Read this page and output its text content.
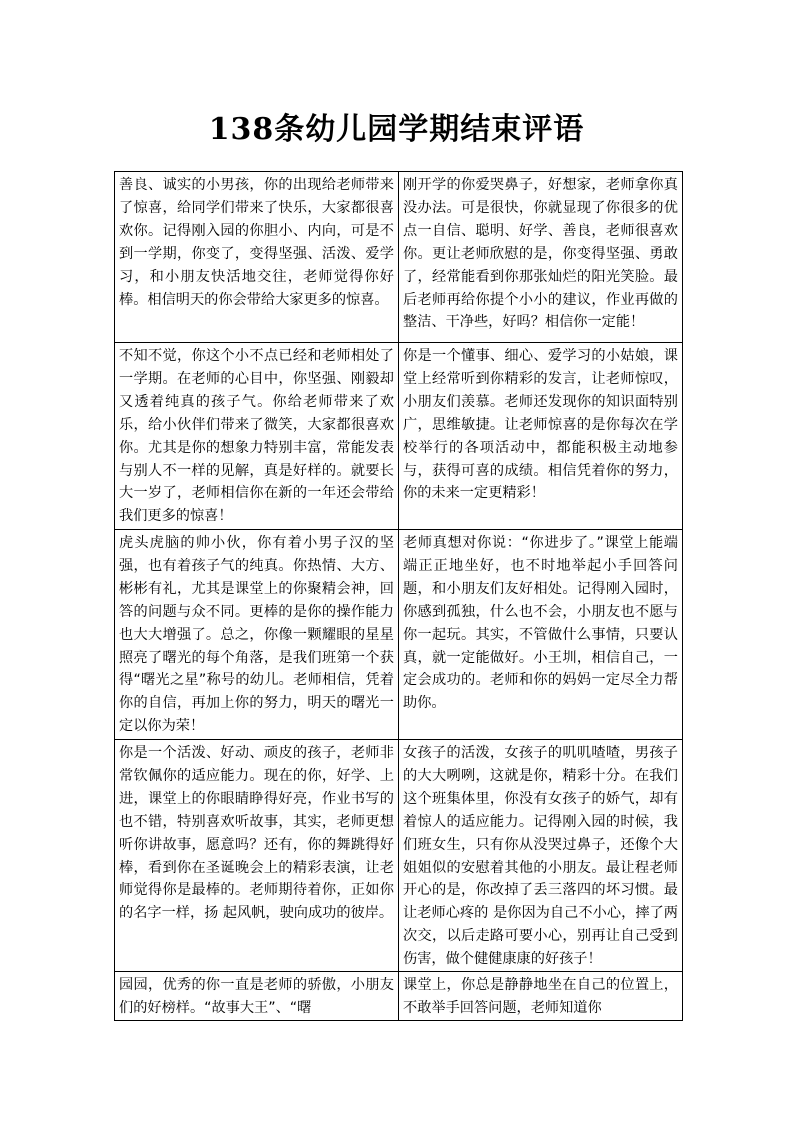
138条幼儿园学期结束评语
善良、诚实的小男孩，你的出现给老师带来了惊喜，给同学们带来了快乐，大家都很喜欢你。记得刚入园的你胆小、内向，可是不到一学期，你变了，变得坚强、活泼、爱学习，和小朋友快活地交往，老师觉得你好棒。相信明天的你会带给大家更多的惊喜。	刚开学的你爱哭鼻子，好想家，老师拿你真没办法。可是很快，你就显现了你很多的优点一自信、聪明、好学、善良，老师很喜欢你。更让老师欣慰的是，你变得坚强、勇敢了，经常能看到你那张灿烂的阳光笑脸。最后老师再给你提个小小的建议，作业再做的整洁、干净些，好吗？相信你一定能！
不知不觉，你这个小不点已经和老师相处了一学期。在老师的心目中，你坚强、刚毅却又透着纯真的孩子气。你给老师带来了欢乐，给小伙伴们带来了微笑，大家都很喜欢你。尤其是你的想象力特别丰富，常能发表与别人不一样的见解，真是好样的。就要长大一岁了，老师相信你在新的一年还会带给我们更多的惊喜！	你是一个懂事、细心、爱学习的小姑娘，课堂上经常听到你精彩的发言，让老师惊叹，小朋友们羡慕。老师还发现你的知识面特别广，思维敏捷。让老师惊喜的是你每次在学校举行的各项活动中，都能积极主动地参与，获得可喜的成绩。相信凭着你的努力，你的未来一定更精彩！
虎头虎脑的帅小伙，你有着小男子汉的坚强，也有着孩子气的纯真。你热情、大方、彬彬有礼，尤其是课堂上的你聚精会神，回答的问题与众不同。更棒的是你的操作能力也大大增强了。总之，你像一颗耀眼的星星照亮了曙光的每个角落，是我们班第一个获得“曙光之星”称号的幼儿。老师相信，凭着你的自信，再加上你的努力，明天的曙光一定以你为荣！	老师真想对你说：“你进步了。”课堂上能端端正正地坐好，也不时地举起小手回答问题，和小朋友们友好相处。记得刚入园时，你感到孤独，什么也不会，小朋友也不愿与你一起玩。其实，不管做什么事情，只要认真，就一定能做好。小王圳，相信自己，一定会成功的。老师和你的妈妈一定尽全力帮助你。
你是一个活泼、好动、顽皮的孩子，老师非常钦佩你的适应能力。现在的你，好学、上进，课堂上的你眼睛睁得好亮，作业书写的也不错，特别喜欢听故事，其实，老师更想听你讲故事，愿意吗？还有，你的舞跳得好棒，看到你在圣诞晚会上的精彩表演，让老师觉得你是最棒的。老师期待着你，正如你的名字一样，扬 起风帆，驶向成功的彼岸。	女孩子的活泼，女孩子的叽叽喳喳，男孩子的大大咧咧，这就是你，精彩十分。在我们这个班集体里，你没有女孩子的娇气，却有着惊人的适应能力。记得刚入园的时候，我们班女生，只有你从没哭过鼻子，还像个大姐姐似的安慰着其他的小朋友。最让程老师开心的是，你改掉了丢三落四的坏习惯。最让老师心疼的 是你因为自己不小心，摔了两次交，以后走路可要小心，别再让自己受到伤害，做个健健康康的好孩子！
园园，优秀的你一直是老师的骄傲，小朋友们的好榜样。“故事大王”、“曙	课堂上，你总是静静地坐在自己的位置上，不敢举手回答问题，老师知道你
